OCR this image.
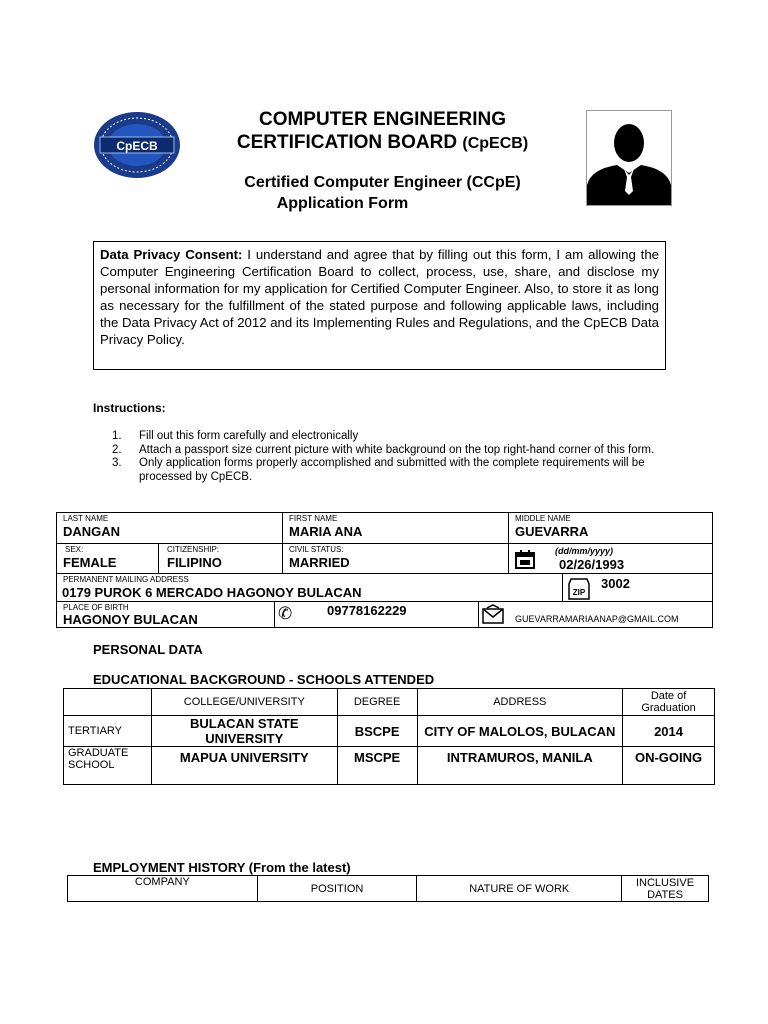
CpECB
COMPUTER ENGINEERING
CERTIFICATION BOARD (CpECB)
Certified Computer Engineer (CCpE)
Application Form
Data Privacy Consent: I understand and agree that by filling out this form, I am allowing the Computer Engineering Certification Board to collect, process, use, share, and disclose my personal information for my application for Certified Computer Engineer. Also, to store it as long as necessary for the fulfillment of the stated purpose and following applicable laws, including the Data Privacy Act of 2012 and its Implementing Rules and Regulations, and the CpECB Data Privacy Policy.
Instructions:
1.	Fill out this form carefully and electronically
2.	Attach a passport size current picture with white background on the top right-hand corner of this form.
3.	Only application forms properly accomplished and submitted with the complete requirements will be processed by CpECB.
LAST NAME
DANGAN
FIRST NAME
MARIA ANA
MIDDLE NAME
GUEVARRA
SEX:
FEMALE
CITIZENSHIP:
FILIPINO
CIVIL STATUS:
MARRIED
(dd/mm/yyyy)
02/26/1993
PERMANENT MAILING ADDRESS
0179 PUROK 6 MERCADO HAGONOY BULACAN	ZIP
3002
PLACE OF BIRTH
HAGONOY BULACAN	✆	09778162229
GUEVARRAMARIAANAP@GMAIL.COM
PERSONAL DATA
EDUCATIONAL BACKGROUND - SCHOOLS ATTENDED
	COLLEGE/UNIVERSITY	DEGREE	ADDRESS	Date of Graduation
TERTIARY	BULACAN STATE UNIVERSITY	BSCPE	CITY OF MALOLOS, BULACAN	2014
GRADUATE SCHOOL	MAPUA UNIVERSITY	MSCPE	INTRAMUROS, MANILA	ON-GOING
EMPLOYMENT HISTORY (From the latest)
COMPANY	POSITION	NATURE OF WORK	INCLUSIVE DATES
